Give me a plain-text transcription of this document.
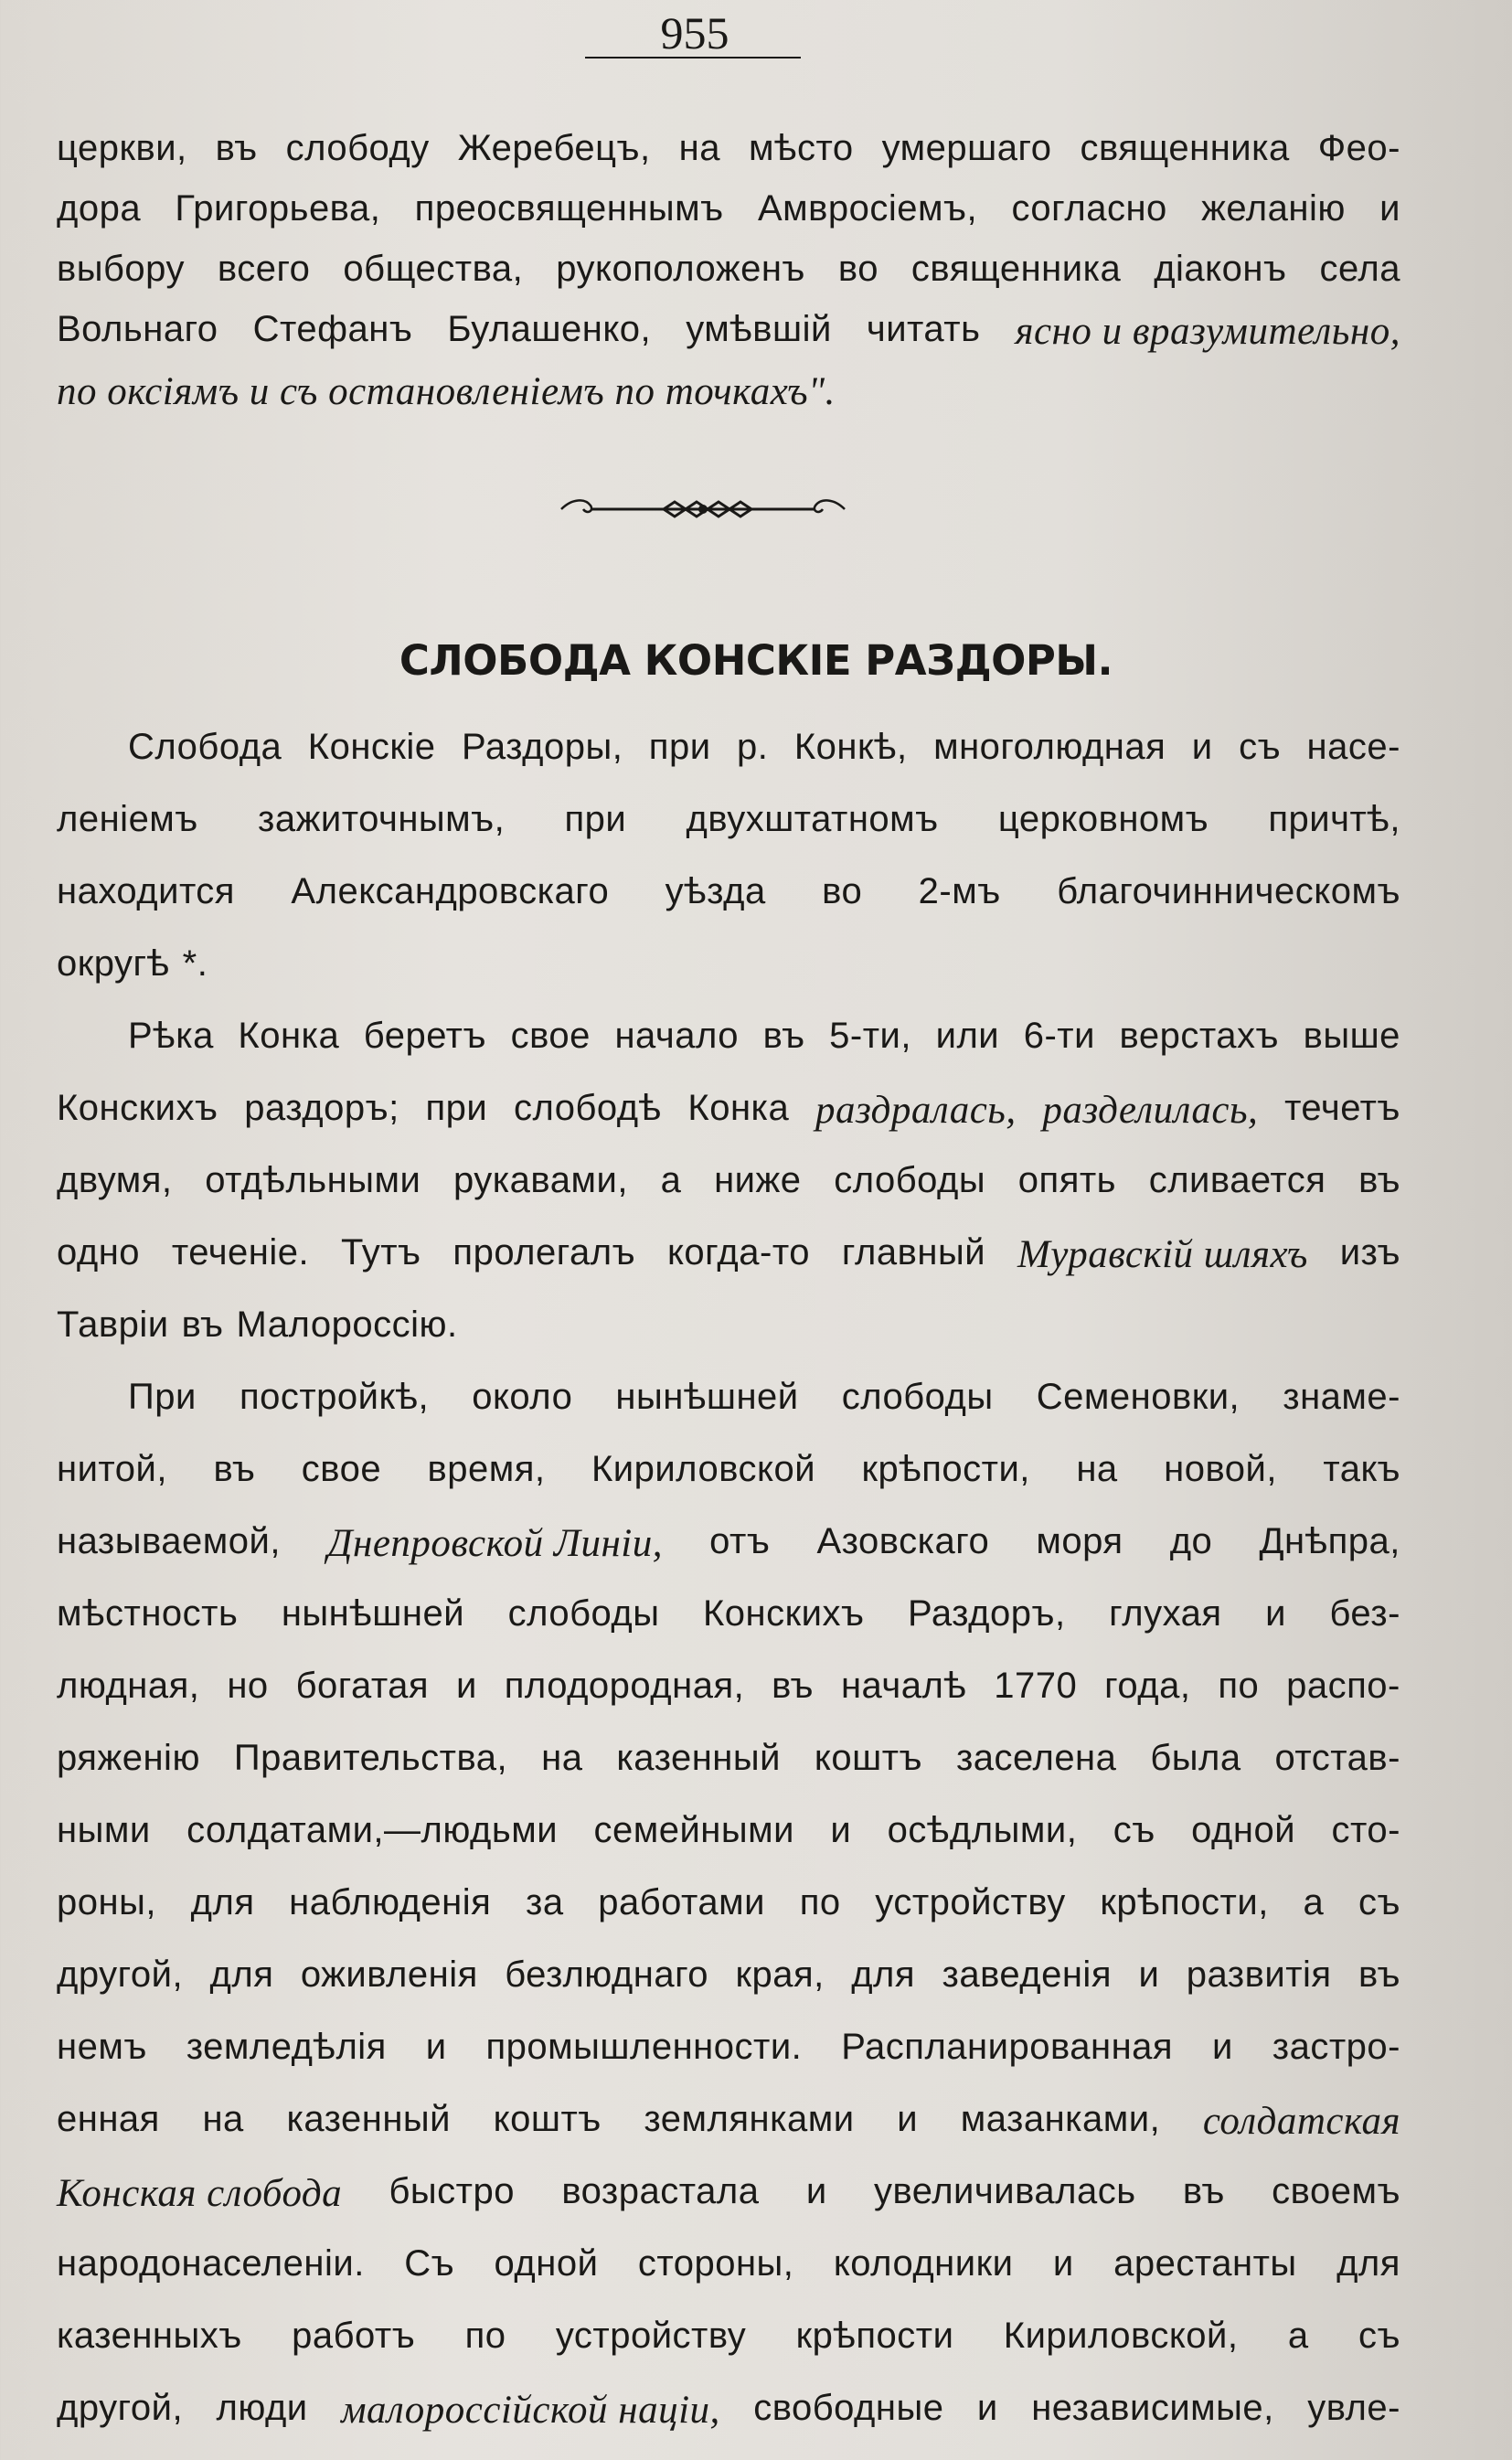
955
церкви, въ слободу Жеребецъ, на мѣсто умершаго священника Фео-
дора Григорьева, преосвященнымъ Амвросіемъ, согласно желанію и
выбору всего общества, рукоположенъ во священника діаконъ села
Вольнаго Стефанъ Булашенко, умѣвшій читать ясно и вразумительно,
по оксіямъ и съ остановленіемъ по точкахъ".
СЛОБОДА КОНСКІЕ РАЗДОРЫ.
Слобода Конскіе Раздоры, при р. Конкѣ, многолюдная и съ насе-
леніемъ зажиточнымъ, при двухштатномъ церковномъ причтѣ,
находится Александровскаго уѣзда во 2-мъ благочинническомъ
округѣ *.
Рѣка Конка беретъ свое начало въ 5-ти, или 6-ти верстахъ выше
Конскихъ раздоръ; при слободѣ Конка раздралась, разделилась, течетъ
двумя, отдѣльными рукавами, а ниже слободы опять сливается въ
одно теченіе. Тутъ пролегалъ когда-то главный Муравскій шляхъ изъ
Тавріи въ Малороссію.
При постройкѣ, около нынѣшней слободы Семеновки, знаме-
нитой, въ свое время, Кириловской крѣпости, на новой, такъ
называемой, Днепровской Линіи, отъ Азовскаго моря до Днѣпра,
мѣстность нынѣшней слободы Конскихъ Раздоръ, глухая и без-
людная, но богатая и плодородная, въ началѣ 1770 года, по распо-
ряженію Правительства, на казенный коштъ заселена была отстав-
ными солдатами,—людьми семейными и осѣдлыми, съ одной сто-
роны, для наблюденія за работами по устройству крѣпости, а съ
другой, для оживленія безлюднаго края, для заведенія и развитія въ
немъ земледѣлія и промышленности. Распланированная и застро-
енная на казенный коштъ землянками и мазанками, солдатская
Конская слобода быстро возрастала и увеличивалась въ своемъ
народонаселеніи. Съ одной стороны, колодники и арестанты для
казенныхъ работъ по устройству крѣпости Кириловской, а съ
другой, люди малороссійской націи, свободные и независимые, увле-
